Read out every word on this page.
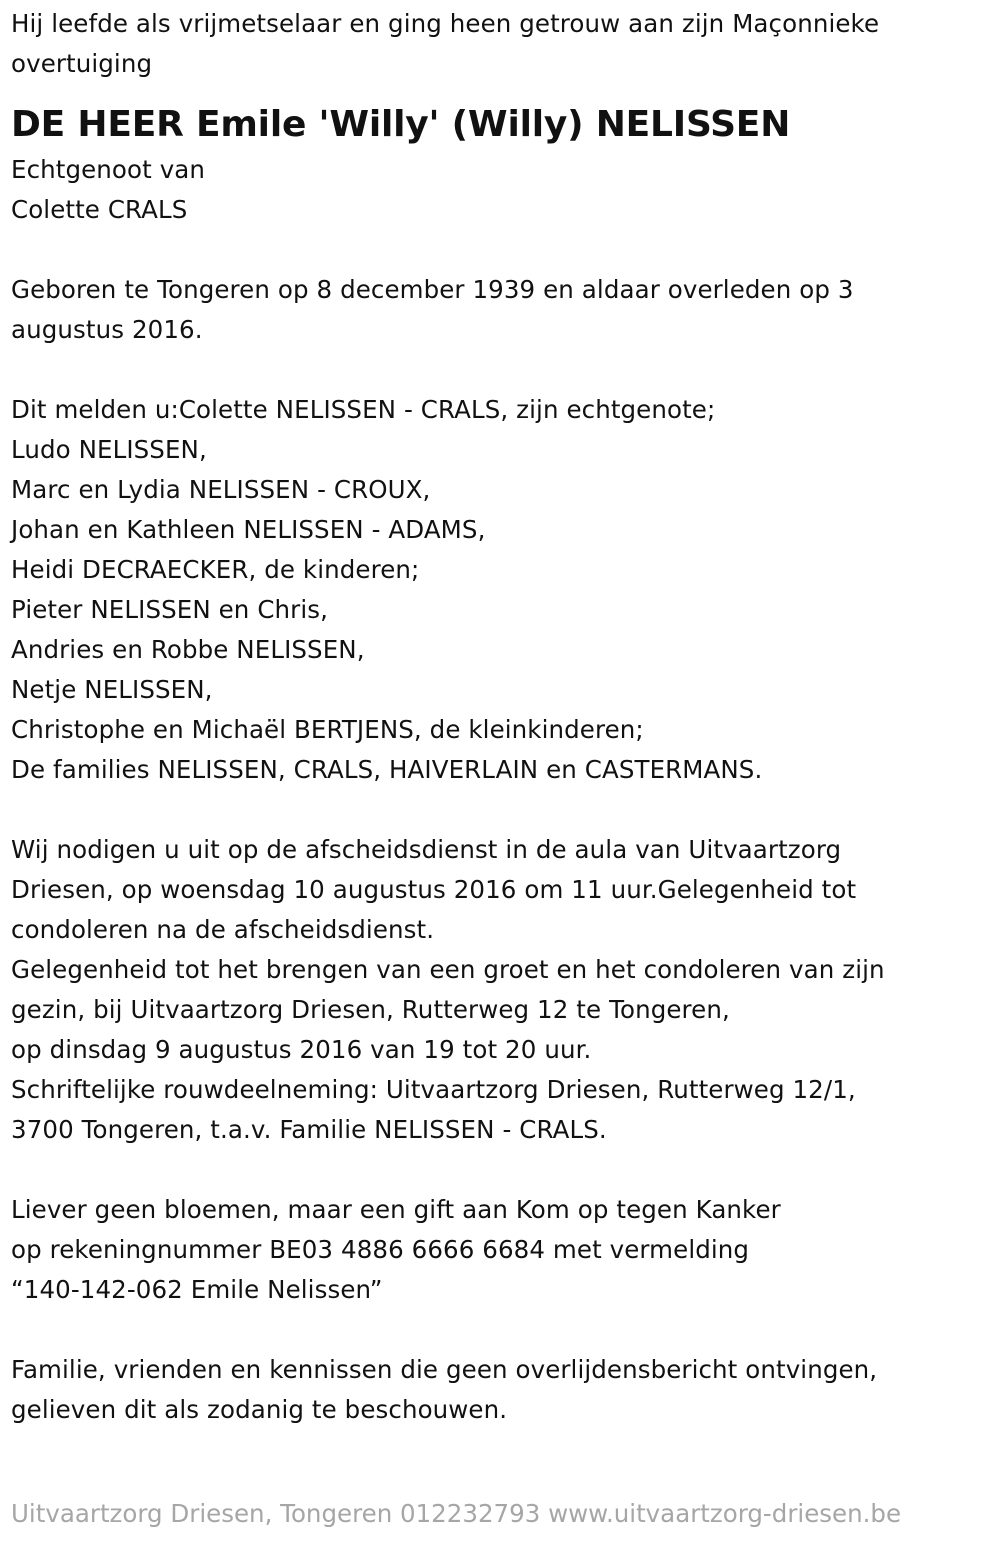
Hij leefde als vrijmetselaar en ging heen getrouw aan zijn Maçonnieke
overtuiging
DE HEER Emile 'Willy' (Willy) NELISSEN
Echtgenoot van
Colette CRALS
Geboren te Tongeren op 8 december 1939 en aldaar overleden op 3
augustus 2016.
Dit melden u:Colette NELISSEN - CRALS, zijn echtgenote;
Ludo NELISSEN,
Marc en Lydia NELISSEN - CROUX,
Johan en Kathleen NELISSEN - ADAMS,
Heidi DECRAECKER, de kinderen;
Pieter NELISSEN en Chris,
Andries en Robbe NELISSEN,
Netje NELISSEN,
Christophe en Michaël BERTJENS, de kleinkinderen;
De families NELISSEN, CRALS, HAIVERLAIN en CASTERMANS.
Wij nodigen u uit op de afscheidsdienst in de aula van Uitvaartzorg
Driesen, op woensdag 10 augustus 2016 om 11 uur.Gelegenheid tot
condoleren na de afscheidsdienst.
Gelegenheid tot het brengen van een groet en het condoleren van zijn
gezin, bij Uitvaartzorg Driesen, Rutterweg 12 te Tongeren,
op dinsdag 9 augustus 2016 van 19 tot 20 uur.
Schriftelijke rouwdeelneming: Uitvaartzorg Driesen, Rutterweg 12/1,
3700 Tongeren, t.a.v. Familie NELISSEN - CRALS.
Liever geen bloemen, maar een gift aan Kom op tegen Kanker
op rekeningnummer BE03 4886 6666 6684 met vermelding
“140-142-062 Emile Nelissen”
Familie, vrienden en kennissen die geen overlijdensbericht ontvingen,
gelieven dit als zodanig te beschouwen.
Uitvaartzorg Driesen, Tongeren 012232793 www.uitvaartzorg-driesen.be
